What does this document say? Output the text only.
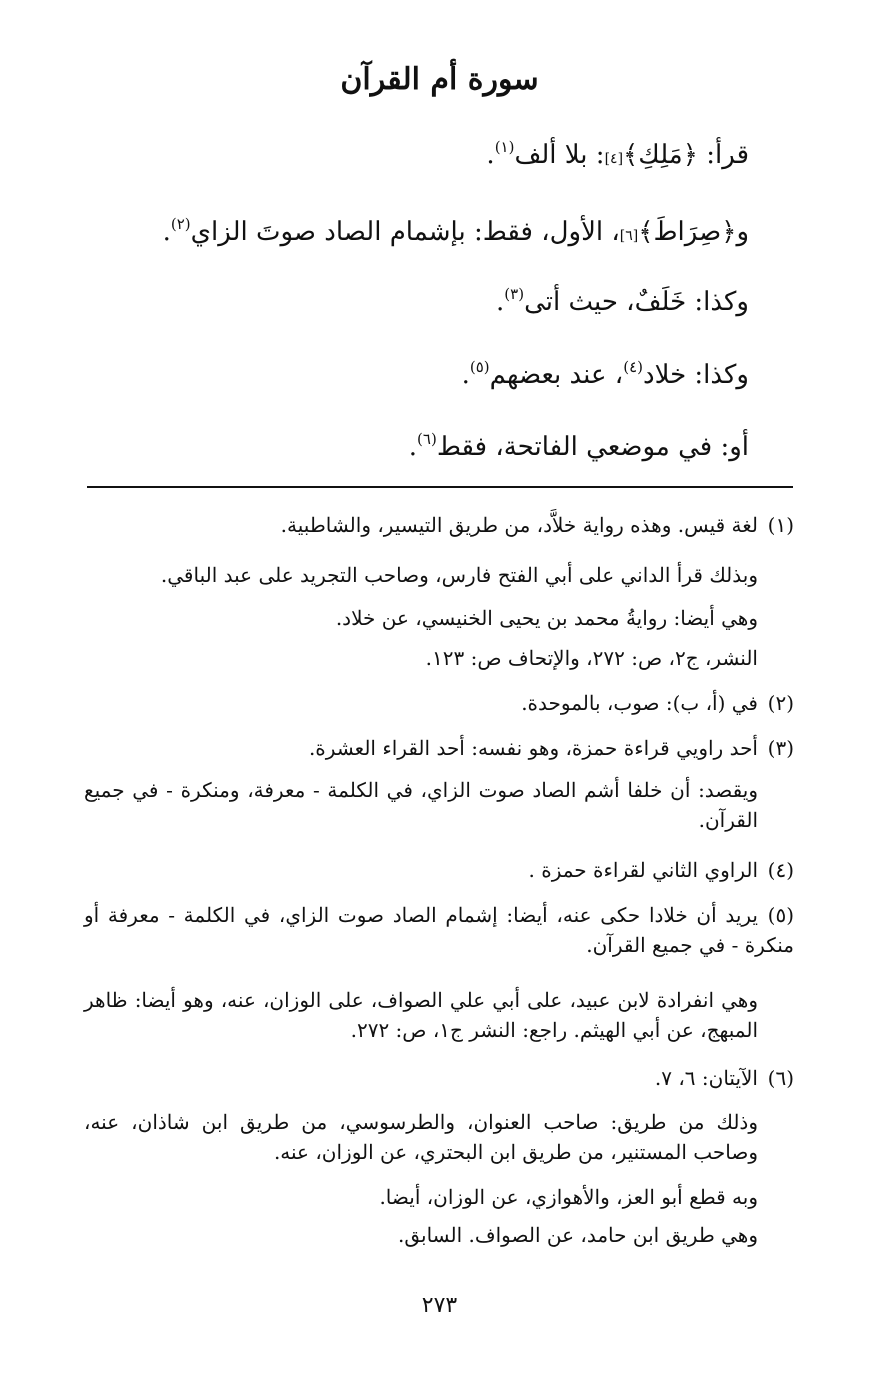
سورة أم القرآن
قرأ: ﴿مَلِكِ﴾[٤]: بلا ألف$^{(١)}$.
و﴿صِرَاطَ﴾[٦]، الأول، فقط: بإشمام الصاد صوتَ الزاي$^{(٢)}$.
وكذا: خَلَفٌ، حيث أتى$^{(٣)}$.
وكذا: خلاد$^{(٤)}$، عند بعضهم$^{(٥)}$.
أو: في موضعي الفاتحة، فقط$^{(٦)}$.
(١)لغة قيس. وهذه رواية خلاَّد، من طريق التيسير، والشاطبية.
وبذلك قرأ الداني على أبي الفتح فارس، وصاحب التجريد على عبد الباقي.
وهي أيضا: روايةُ محمد بن يحيى الخنيسي، عن خلاد.
النشر، ج٢، ص: ٢٧٢، والإتحاف ص: ١٢٣.
(٢)في (أ، ب): صوب، بالموحدة.
(٣)أحد راويي قراءة حمزة، وهو نفسه: أحد القراء العشرة.
ويقصد: أن خلفا أشم الصاد صوت الزاي، في الكلمة - معرفة، ومنكرة - في جميع القرآن.
(٤)الراوي الثاني لقراءة حمزة .
(٥)يريد أن خلادا حكى عنه، أيضا: إشمام الصاد صوت الزاي، في الكلمة - معرفة أو منكرة - في جميع القرآن.
وهي انفرادة لابن عبيد، على أبي علي الصواف، على الوزان، عنه، وهو أيضا: ظاهر المبهج، عن أبي الهيثم. راجع: النشر ج١، ص: ٢٧٢.
(٦)الآيتان: ٦، ٧.
وذلك من طريق: صاحب العنوان، والطرسوسي، من طريق ابن شاذان، عنه، وصاحب المستنير، من طريق ابن البحتري، عن الوزان، عنه.
وبه قطع أبو العز، والأهوازي، عن الوزان، أيضا.
وهي طريق ابن حامد، عن الصواف. السابق.
٢٧٣
